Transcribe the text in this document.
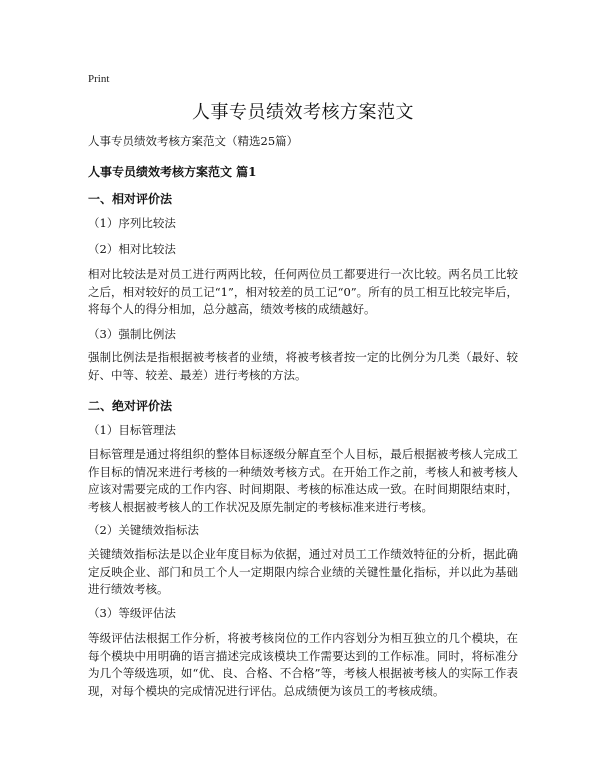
Print
人事专员绩效考核方案范文
人事专员绩效考核方案范文（精选25篇）
人事专员绩效考核方案范文 篇1
一、相对评价法
（1）序列比较法
（2）相对比较法
相对比较法是对员工进行两两比较，任何两位员工都要进行一次比较。两名员工比较之后，相对较好的员工记“1”，相对较差的员工记“0”。所有的员工相互比较完毕后，将每个人的得分相加，总分越高，绩效考核的成绩越好。
（3）强制比例法
强制比例法是指根据被考核者的业绩，将被考核者按一定的比例分为几类（最好、较好、中等、较差、最差）进行考核的方法。
二、绝对评价法
（1）目标管理法
目标管理是通过将组织的整体目标逐级分解直至个人目标，最后根据被考核人完成工作目标的情况来进行考核的一种绩效考核方式。在开始工作之前，考核人和被考核人应该对需要完成的工作内容、时间期限、考核的标准达成一致。在时间期限结束时，考核人根据被考核人的工作状况及原先制定的考核标准来进行考核。
（2）关键绩效指标法
关键绩效指标法是以企业年度目标为依据，通过对员工工作绩效特征的分析，据此确定反映企业、部门和员工个人一定期限内综合业绩的关键性量化指标，并以此为基础进行绩效考核。
（3）等级评估法
等级评估法根据工作分析，将被考核岗位的工作内容划分为相互独立的几个模块，在每个模块中用明确的语言描述完成该模块工作需要达到的工作标准。同时，将标准分为几个等级选项，如“优、良、合格、不合格”等，考核人根据被考核人的实际工作表现，对每个模块的完成情况进行评估。总成绩便为该员工的考核成绩。
